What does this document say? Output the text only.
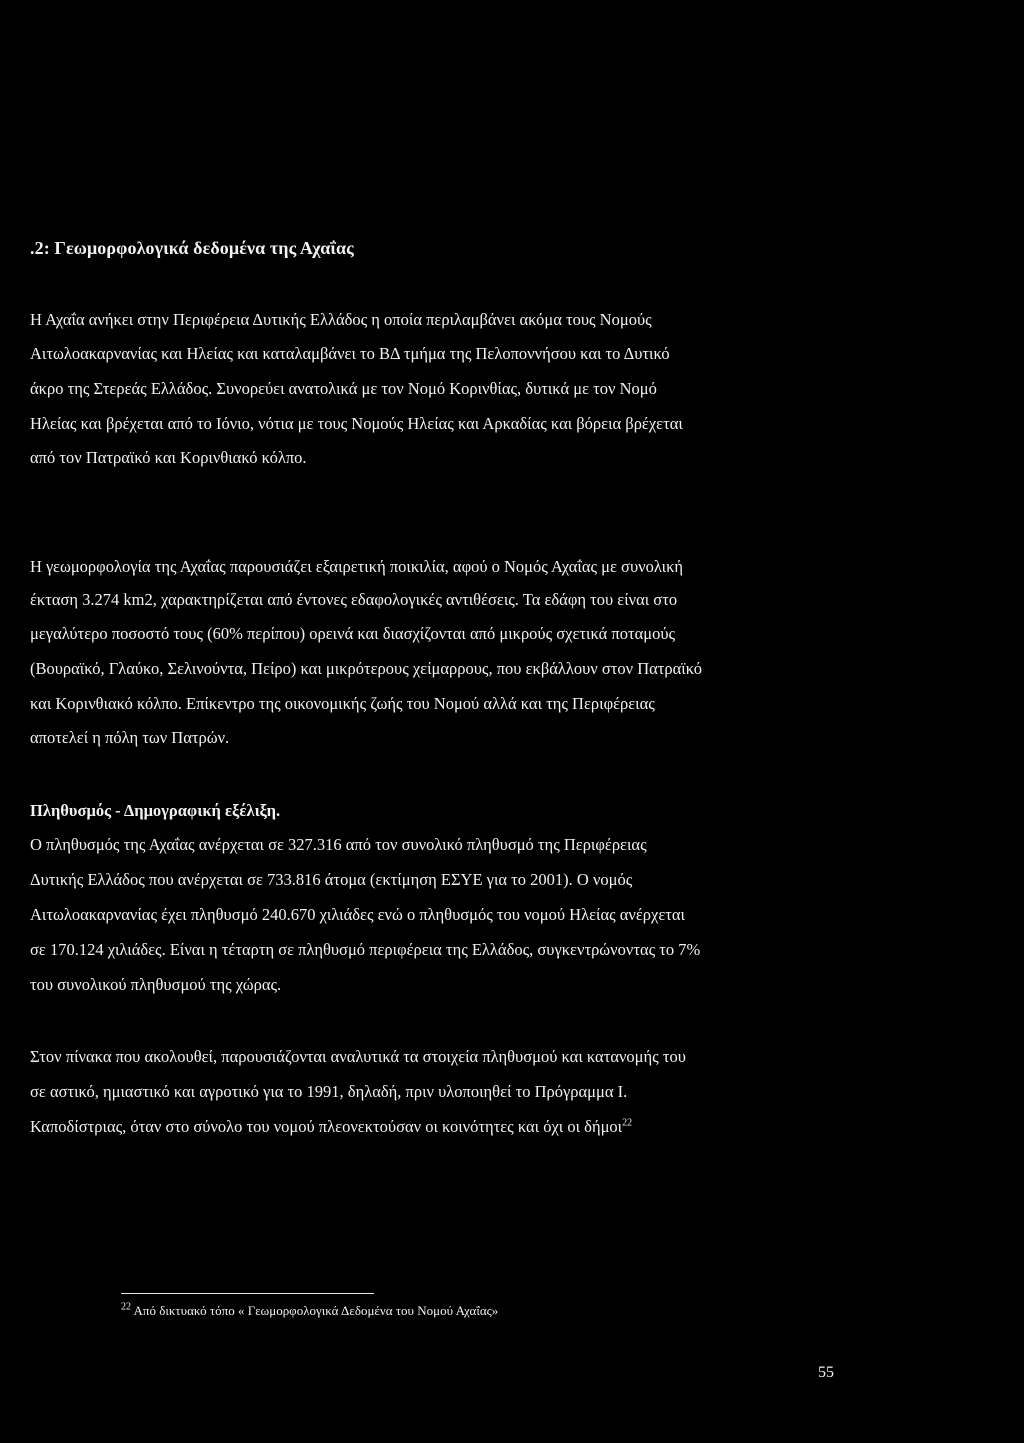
.2: Γεωμορφολογικά δεδομένα της Αχαΐας
Η Αχαΐα ανήκει στην Περιφέρεια Δυτικής Ελλάδος η οποία περιλαμβάνει ακόμα τους Νομούς
Αιτωλοακαρνανίας και Ηλείας και καταλαμβάνει το ΒΔ τμήμα της Πελοποννήσου και το Δυτικό
άκρο της Στερεάς Ελλάδος. Συνορεύει ανατολικά με τον Νομό Κορινθίας, δυτικά με τον Νομό
Ηλείας και βρέχεται από το Ιόνιο, νότια με τους Νομούς Ηλείας και Αρκαδίας και βόρεια βρέχεται
από τον Πατραϊκό και Κορινθιακό κόλπο.
Η γεωμορφολογία της Αχαΐας παρουσιάζει εξαιρετική ποικιλία, αφού ο Νομός Αχαΐας με συνολική
έκταση 3.274 km2, χαρακτηρίζεται από έντονες εδαφολογικές αντιθέσεις. Τα εδάφη του είναι στο
μεγαλύτερο ποσοστό τους (60% περίπου) ορεινά και διασχίζονται από μικρούς σχετικά ποταμούς
(Βουραϊκό, Γλαύκο, Σελινούντα, Πείρο) και μικρότερους χείμαρρους, που εκβάλλουν στον Πατραϊκό
και Κορινθιακό κόλπο. Επίκεντρο της οικονομικής ζωής του Νομού αλλά και της Περιφέρειας
αποτελεί η πόλη των Πατρών.
Πληθυσμός - Δημογραφική εξέλιξη.
Ο πληθυσμός της Αχαΐας ανέρχεται σε 327.316 από τον συνολικό πληθυσμό της Περιφέρειας
Δυτικής Ελλάδος που ανέρχεται σε 733.816 άτομα (εκτίμηση ΕΣΥΕ για το 2001). Ο νομός
Αιτωλοακαρνανίας έχει πληθυσμό 240.670 χιλιάδες ενώ ο πληθυσμός του νομού Ηλείας ανέρχεται
σε 170.124 χιλιάδες. Είναι η τέταρτη σε πληθυσμό περιφέρεια της Ελλάδος, συγκεντρώνοντας το 7%
του συνολικού πληθυσμού της χώρας.
Στον πίνακα που ακολουθεί, παρουσιάζονται αναλυτικά τα στοιχεία πληθυσμού και κατανομής του
σε αστικό, ημιαστικό και αγροτικό για το 1991, δηλαδή, πριν υλοποιηθεί το Πρόγραμμα Ι.
Καποδίστριας, όταν στο σύνολο του νομού πλεονεκτούσαν οι κοινότητες και όχι οι δήμοι$^{22}$
$^{22}$ Από δικτυακό τόπο « Γεωμορφολογικά Δεδομένα του Νομού Αχαΐας»
55
